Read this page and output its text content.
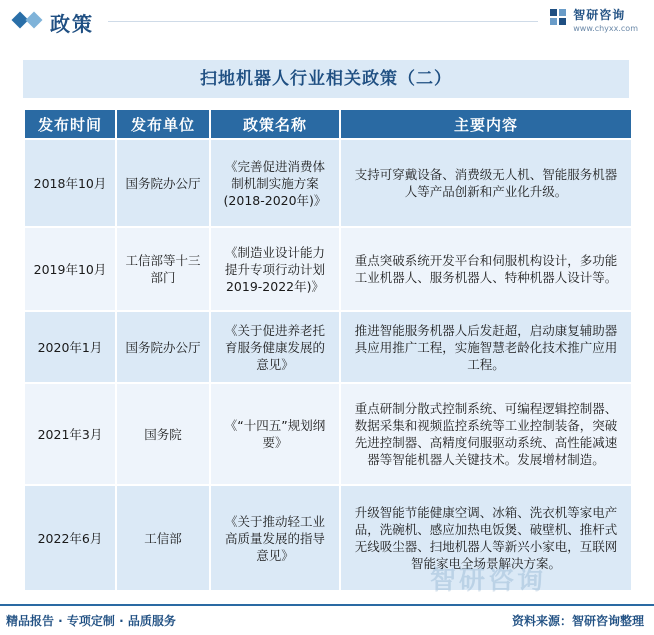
政策	智研咨询
www.chyxx.com
扫地机器人行业相关政策（二）
发布时间	发布单位	政策名称	主要内容
2018年10月	国务院办公厅	《完善促进消费体制机制实施方案(2018-2020年)》	支持可穿戴设备、消费级无人机、智能服务机器人等产品创新和产业化升级。
2019年10月	工信部等十三部门	《制造业设计能力提升专项行动计划2019-2022年)》	重点突破系统开发平台和伺服机构设计，多功能工业机器人、服务机器人、特种机器人设计等。
2020年1月	国务院办公厅	《关于促进养老托育服务健康发展的意见》	推进智能服务机器人后发赶超，启动康复辅助器具应用推广工程，实施智慧老龄化技术推广应用工程。
2021年3月	国务院	《“十四五”规划纲要》	重点研制分散式控制系统、可编程逻辑控制器、数据采集和视频监控系统等工业控制装备，突破先进控制器、高精度伺服驱动系统、高性能减速器等智能机器人关键技术。发展增材制造。
2022年6月	工信部	《关于推动轻工业高质量发展的指导意见》	升级智能节能健康空调、冰箱、洗衣机等家电产品，洗碗机、感应加热电饭煲、破壁机、推杆式无线吸尘器、扫地机器人等新兴小家电，互联网智能家电全场景解决方案。
智研咨询
精品报告 · 专项定制 · 品质服务	资料来源：智研咨询整理
